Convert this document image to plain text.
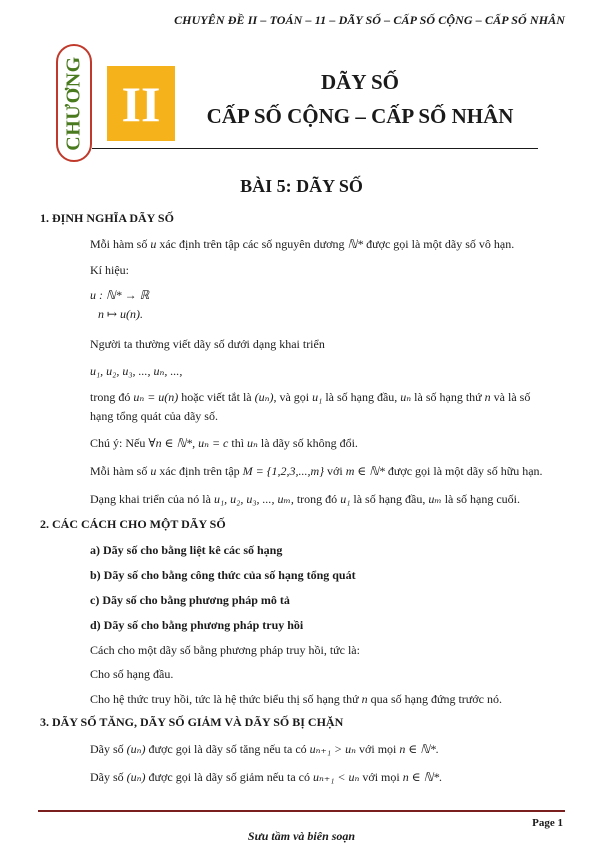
CHUYÊN ĐỀ II – TOÁN – 11 – DÃY SỐ – CẤP SỐ CỘNG – CẤP SỐ NHÂN
CHƯƠNG II	DÃY SỐ
CẤP SỐ CỘNG – CẤP SỐ NHÂN
BÀI 5: DÃY SỐ
1. ĐỊNH NGHĨA DÃY SỐ
Mỗi hàm số u xác định trên tập các số nguyên dương ℕ* được gọi là một dãy số vô hạn.
Kí hiệu:
u : ℕ* → ℝ
n ↦ u(n).
Người ta thường viết dãy số dưới dạng khai triển
u₁, u₂, u₃, ..., uₙ, ...,
trong đó uₙ = u(n) hoặc viết tắt là (uₙ), và gọi u₁ là số hạng đầu, uₙ là số hạng thứ n và là số
hạng tổng quát của dãy số.
Chú ý: Nếu ∀n ∈ ℕ*, uₙ = c thì uₙ là dãy số không đổi.
Mỗi hàm số u xác định trên tập M = {1,2,3,...,m} với m ∈ ℕ* được gọi là một dãy số hữu hạn.
Dạng khai triển của nó là u₁, u₂, u₃, ..., uₘ, trong đó u₁ là số hạng đầu, uₘ là số hạng cuối.
2. CÁC CÁCH CHO MỘT DÃY SỐ
a) Dãy số cho bằng liệt kê các số hạng
b) Dãy số cho bằng công thức của số hạng tổng quát
c) Dãy số cho bằng phương pháp mô tả
d) Dãy số cho bằng phương pháp truy hồi
Cách cho một dãy số bằng phương pháp truy hồi, tức là:
Cho số hạng đầu.
Cho hệ thức truy hồi, tức là hệ thức biểu thị số hạng thứ n qua số hạng đứng trước nó.
3. DÃY SỐ TĂNG, DÃY SỐ GIẢM VÀ DÃY SỐ BỊ CHẶN
Dãy số (uₙ) được gọi là dãy số tăng nếu ta có uₙ₊₁ > uₙ với mọi n ∈ ℕ*.
Dãy số (uₙ) được gọi là dãy số giảm nếu ta có uₙ₊₁ < uₙ với mọi n ∈ ℕ*.
Page 1
Sưu tầm và biên soạn
